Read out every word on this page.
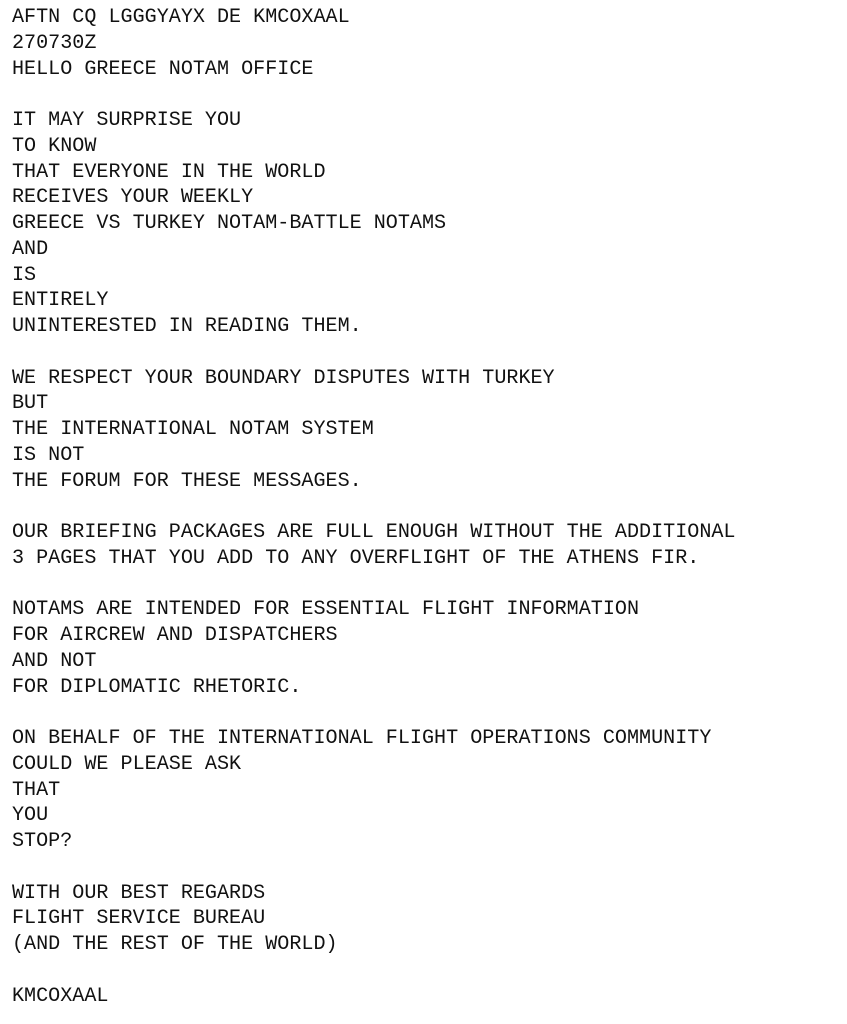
AFTN CQ LGGGYAYX DE KMCOXAAL
270730Z
HELLO GREECE NOTAM OFFICE
IT MAY SURPRISE YOU
TO KNOW
THAT EVERYONE IN THE WORLD
RECEIVES YOUR WEEKLY
GREECE VS TURKEY NOTAM-BATTLE NOTAMS
AND
IS
ENTIRELY
UNINTERESTED IN READING THEM.
WE RESPECT YOUR BOUNDARY DISPUTES WITH TURKEY
BUT
THE INTERNATIONAL NOTAM SYSTEM
IS NOT
THE FORUM FOR THESE MESSAGES.
OUR BRIEFING PACKAGES ARE FULL ENOUGH WITHOUT THE ADDITIONAL
3 PAGES THAT YOU ADD TO ANY OVERFLIGHT OF THE ATHENS FIR.
NOTAMS ARE INTENDED FOR ESSENTIAL FLIGHT INFORMATION
FOR AIRCREW AND DISPATCHERS
AND NOT
FOR DIPLOMATIC RHETORIC.
ON BEHALF OF THE INTERNATIONAL FLIGHT OPERATIONS COMMUNITY
COULD WE PLEASE ASK
THAT
YOU
STOP?
WITH OUR BEST REGARDS
FLIGHT SERVICE BUREAU
(AND THE REST OF THE WORLD)
KMCOXAAL
